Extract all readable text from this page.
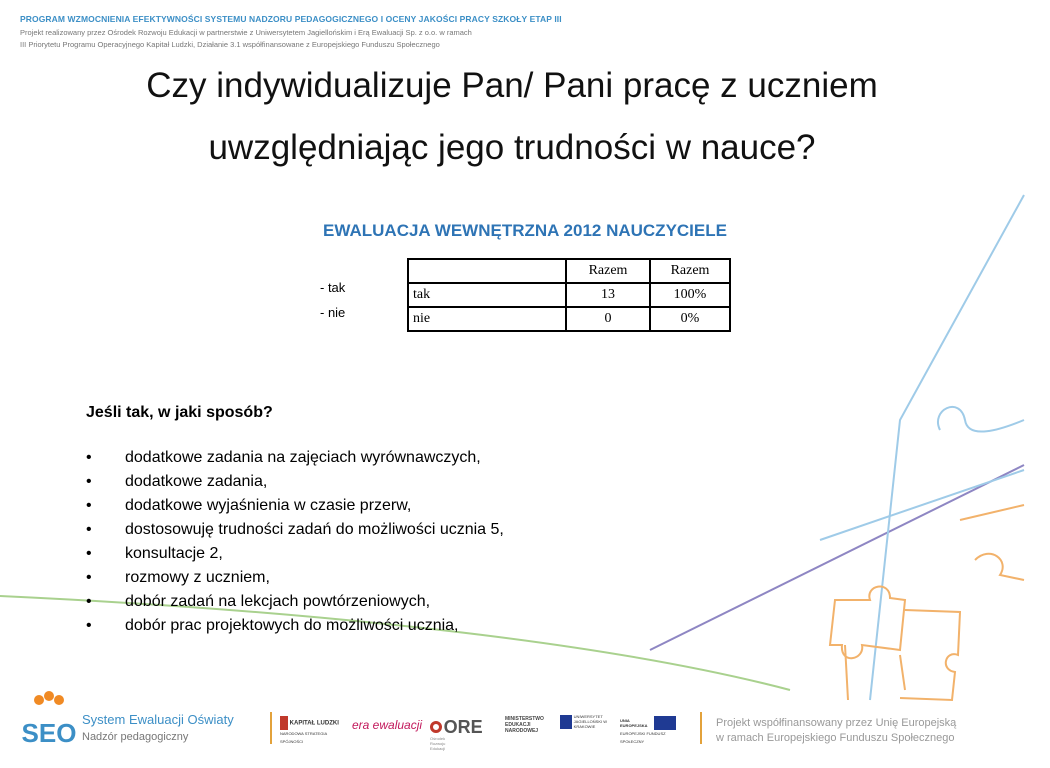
PROGRAM WZMOCNIENIA EFEKTYWNOŚCI SYSTEMU NADZORU PEDAGOGICZNEGO I OCENY JAKOŚCI PRACY SZKOŁY ETAP III
Projekt realizowany przez Ośrodek Rozwoju Edukacji w partnerstwie z Uniwersytetem Jagiellońskim i Erą Ewaluacji Sp. z o.o. w ramach
III Priorytetu Programu Operacyjnego Kapitał Ludzki, Działanie 3.1 współfinansowane z Europejskiego Funduszu Społecznego
Czy indywidualizuje Pan/ Pani pracę z uczniem
uwzględniając jego trudności w nauce?
EWALUACJA WEWNĘTRZNA 2012 NAUCZYCIELE
- tak
- nie
	Razem	Razem
tak	13	100%
nie	0	0%
Jeśli tak, w jaki sposób?
• dodatkowe zadania na zajęciach wyrównawczych,
• dodatkowe zadania,
• dodatkowe wyjaśnienia w czasie przerw,
• dostosowuję trudności zadań do możliwości ucznia 5,
• konsultacje 2,
• rozmowy z uczniem,
• dobór zadań na lekcjach powtórzeniowych,
• dobór prac projektowych do możliwości ucznia,
SEO System Ewaluacji Oświaty
Nadzór pedagogiczny
KAPITAŁ LUDZKI
NARODOWA STRATEGIA SPÓJNOŚCI
era ewaluacji	ORE Ośrodek Rozwoju Edukacji
MINISTERSTWO EDUKACJI NARODOWEJ
UNIWERSYTET JAGIELLOŃSKI W KRAKOWIE
UNIA EUROPEJSKA
EUROPEJSKI FUNDUSZ SPOŁECZNY
Projekt współfinansowany przez Unię Europejską
w ramach Europejskiego Funduszu Społecznego
